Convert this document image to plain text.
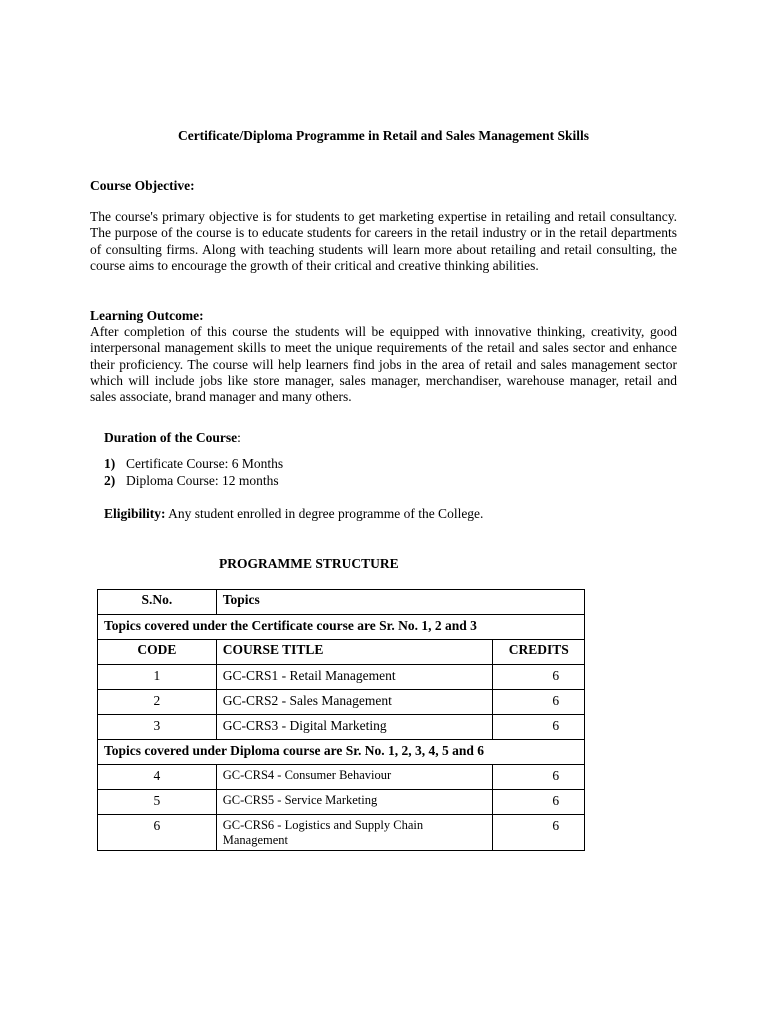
Certificate/Diploma Programme in Retail and Sales Management Skills
Course Objective:

The course's primary objective is for students to get marketing expertise in retailing and retail consultancy. The purpose of the course is to educate students for careers in the retail industry or in the retail departments of consulting firms. Along with teaching students will learn more about retailing and retail consulting, the course aims to encourage the growth of their critical and creative thinking abilities.

Learning Outcome:

After completion of this course the students will be equipped with innovative thinking, creativity, good interpersonal management skills to meet the unique requirements of the retail and sales sector and enhance their proficiency. The course will help learners find jobs in the area of retail and sales management sector which will include jobs like store manager, sales manager, merchandiser, warehouse manager, retail and sales associate, brand manager and many others.

Duration of the Course:
1) Certificate Course: 6 Months
2) Diploma Course: 12 months
Eligibility: Any student enrolled in degree programme of the College.
PROGRAMME STRUCTURE
S.No.	Topics	
Topics covered under the Certificate course are Sr. No. 1, 2 and 3		
CODE	COURSE TITLE	CREDITS
1	GC-CRS1 - Retail Management	6
2	GC-CRS2 - Sales Management	6
3	GC-CRS3 - Digital Marketing	6
Topics covered under Diploma course are Sr. No. 1, 2, 3, 4, 5 and 6		
4	GC-CRS4 - Consumer Behaviour	6
5	GC-CRS5 - Service Marketing	6
6	GC-CRS6 - Logistics and Supply Chain Management	6
